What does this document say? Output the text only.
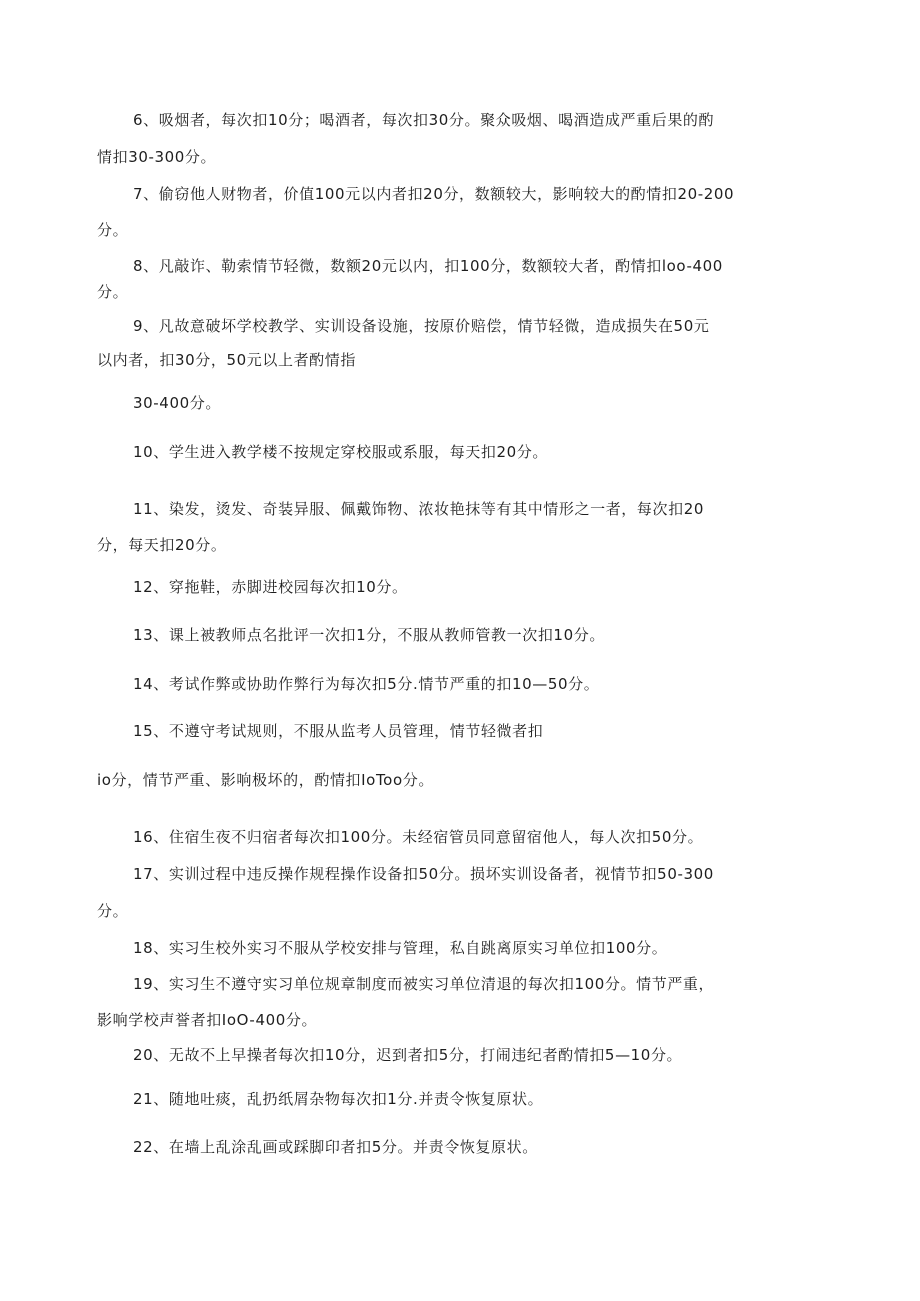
6、吸烟者，每次扣10分；喝酒者，每次扣30分。聚众吸烟、喝酒造成严重后果的酌
情扣30-300分。
7、偷窃他人财物者，价值100元以内者扣20分，数额较大，影响较大的酌情扣20-200
分。
8、凡敲诈、勒索情节轻微，数额20元以内，扣100分，数额较大者，酌情扣loo-400
分。
9、凡故意破坏学校教学、实训设备设施，按原价赔偿，情节轻微，造成损失在50元
以内者，扣30分，50元以上者酌情指
30-400分。
10、学生进入教学楼不按规定穿校服或系服，每天扣20分。
11、染发，烫发、奇装异服、佩戴饰物、浓妆艳抹等有其中情形之一者，每次扣20
分，每天扣20分。
12、穿拖鞋，赤脚进校园每次扣10分。
13、课上被教师点名批评一次扣1分，不服从教师管教一次扣10分。
14、考试作弊或协助作弊行为每次扣5分.情节严重的扣10—50分。
15、不遵守考试规则，不服从监考人员管理，情节轻微者扣
io分，情节严重、影响极坏的，酌情扣IoToo分。
16、住宿生夜不归宿者每次扣100分。未经宿管员同意留宿他人，每人次扣50分。
17、实训过程中违反操作规程操作设备扣50分。损坏实训设备者，视情节扣50-300
分。
18、实习生校外实习不服从学校安排与管理，私自跳离原实习单位扣100分。
19、实习生不遵守实习单位规章制度而被实习单位清退的每次扣100分。情节严重，
影响学校声誉者扣IoO-400分。
20、无故不上早操者每次扣10分，迟到者扣5分，打闹违纪者酌情扣5—10分。
21、随地吐痰，乱扔纸屑杂物每次扣1分.并责令恢复原状。
22、在墙上乱涂乱画或踩脚印者扣5分。并责令恢复原状。
